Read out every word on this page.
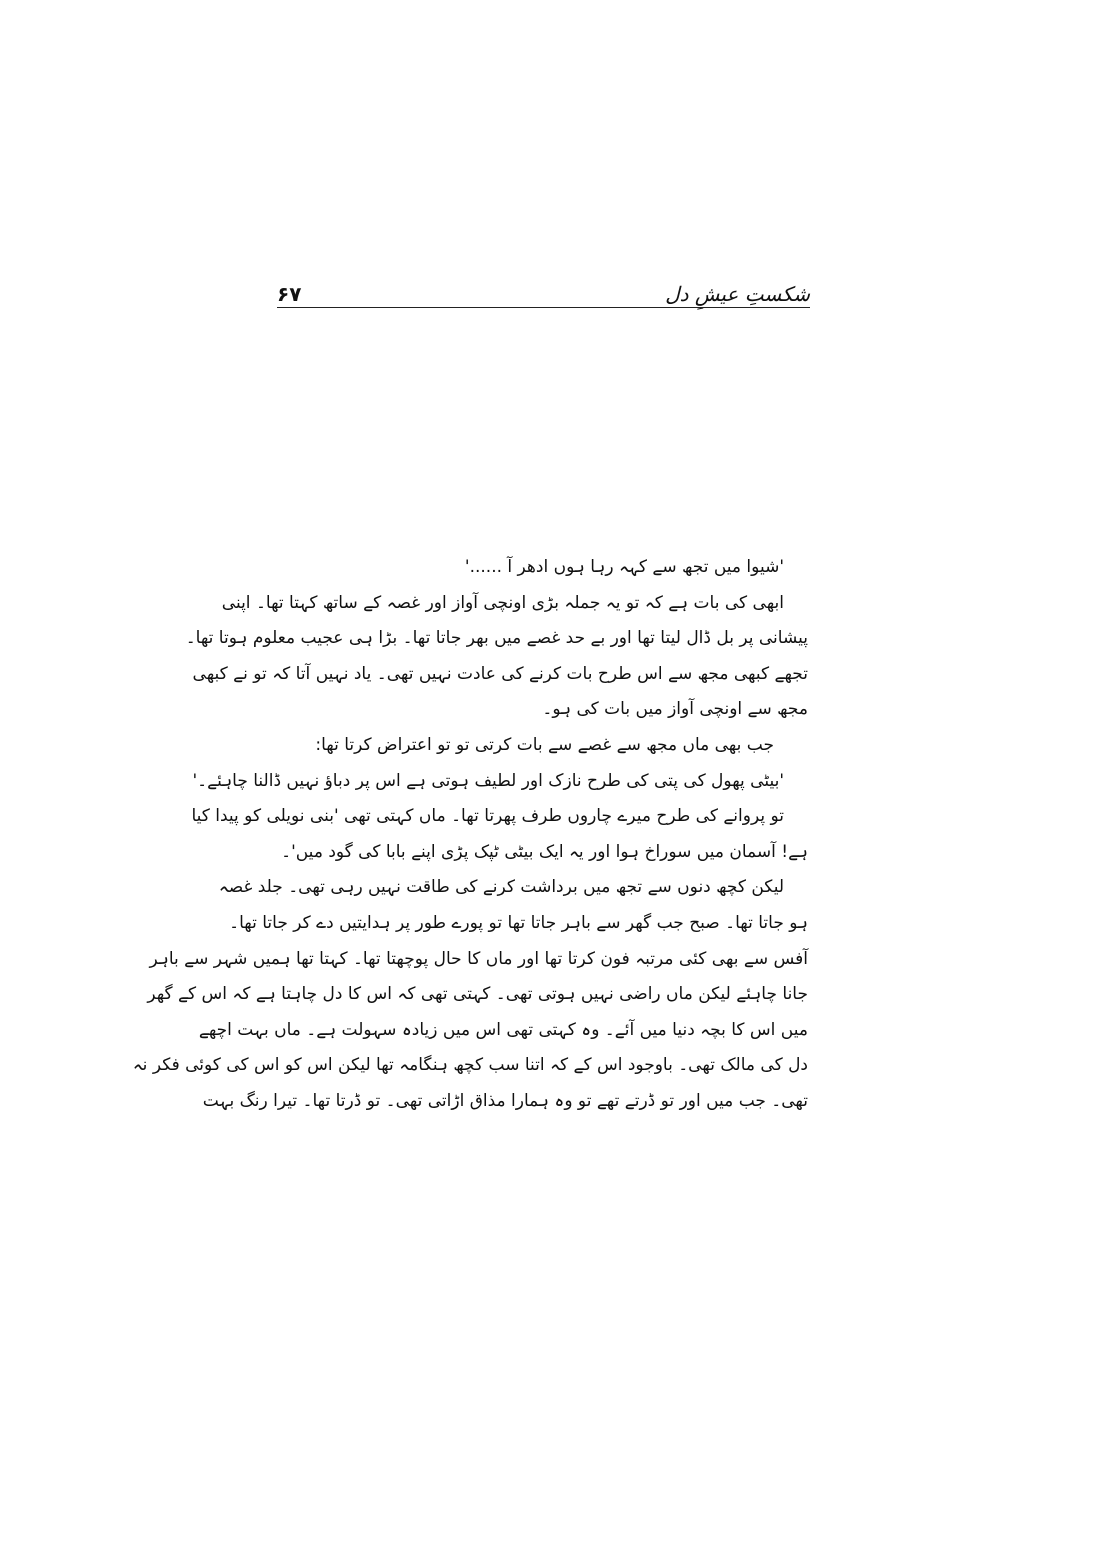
شکستِ عیشِ دل
۶۷
'شیوا میں تجھ سے کہہ رہا ہوں ادھر آ ......'
ابھی کی بات ہے کہ تو یہ جملہ بڑی اونچی آواز اور غصہ کے ساتھ کہتا تھا۔ اپنی
پیشانی پر بل ڈال لیتا تھا اور بے حد غصے میں بھر جاتا تھا۔ بڑا ہی عجیب معلوم ہوتا تھا۔
تجھے کبھی مجھ سے اس طرح بات کرنے کی عادت نہیں تھی۔ یاد نہیں آتا کہ تو نے کبھی
مجھ سے اونچی آواز میں بات کی ہو۔
جب بھی ماں مجھ سے غصے سے بات کرتی تو تو اعتراض کرتا تھا:
'بیٹی پھول کی پتی کی طرح نازک اور لطیف ہوتی ہے اس پر دباؤ نہیں ڈالنا چاہئے۔'
تو پروانے کی طرح میرے چاروں طرف پھرتا تھا۔ ماں کہتی تھی 'بنی نویلی کو پیدا کیا
ہے! آسمان میں سوراخ ہوا اور یہ ایک بیٹی ٹپک پڑی اپنے بابا کی گود میں'۔
لیکن کچھ دنوں سے تجھ میں برداشت کرنے کی طاقت نہیں رہی تھی۔ جلد غصہ
ہو جاتا تھا۔ صبح جب گھر سے باہر جاتا تھا تو پورے طور پر ہدایتیں دے کر جاتا تھا۔
آفس سے بھی کئی مرتبہ فون کرتا تھا اور ماں کا حال پوچھتا تھا۔ کہتا تھا ہمیں شہر سے باہر
جانا چاہئے لیکن ماں راضی نہیں ہوتی تھی۔ کہتی تھی کہ اس کا دل چاہتا ہے کہ اس کے گھر
میں اس کا بچہ دنیا میں آئے۔ وہ کہتی تھی اس میں زیادہ سہولت ہے۔ ماں بہت اچھے
دل کی مالک تھی۔ باوجود اس کے کہ اتنا سب کچھ ہنگامہ تھا لیکن اس کو اس کی کوئی فکر نہ
تھی۔ جب میں اور تو ڈرتے تھے تو وہ ہمارا مذاق اڑاتی تھی۔ تو ڈرتا تھا۔ تیرا رنگ بہت
